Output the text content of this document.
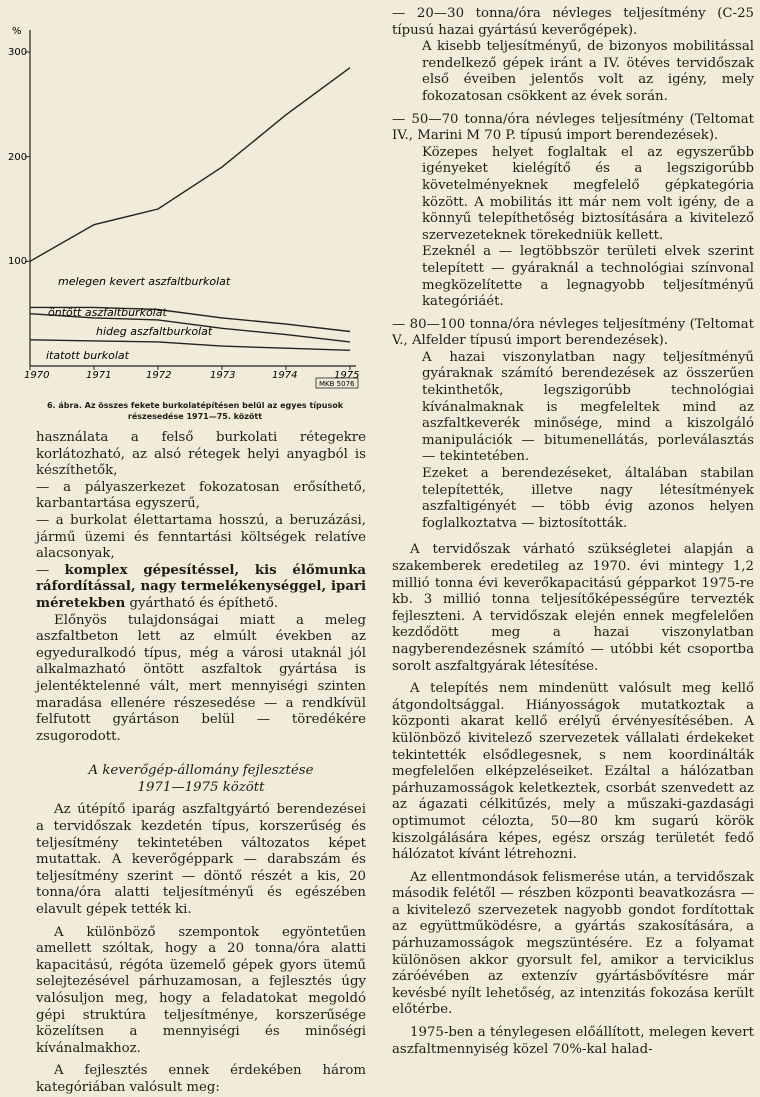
%
300
200
100
1970	1971	1972	1973	1974	1975
MKB 5076
melegen kevert aszfaltburkolat
öntött aszfaltburkolat
hideg aszfaltburkolat
itatott burkolat

6. ábra. Az összes fekete burkolatépítésen belül az egyes típusok

részesedése 1971—75. között

használata a felső burkolati rétegekre korlátozható, az alsó rétegek helyi anyagból is készíthetők,

— a pályaszerkezet fokozatosan erősíthető, karbantartása egyszerű,

— a burkolat élettartama hosszú, a beruzázási, jármű üzemi és fenntartási költségek relatíve alacsonyak,

— komplex gépesítéssel, kis élőmunka ráfordítással, nagy termelékenységgel, ipari méretekben gyártható és építhető.

Előnyös tulajdonságai miatt a meleg aszfaltbeton lett az elmúlt években az egyeduralkodó típus, még a városi utaknál jól alkalmazható öntött aszfaltok gyártása is jelentéktelenné vált, mert mennyiségi szinten maradása ellenére részesedése — a rendkívül felfutott gyártáson belül — töredékére zsugorodott.

A keverőgép-állomány fejlesztése

1971—1975 között

Az útépítő iparág aszfaltgyártó berendezései a tervidőszak kezdetén típus, korszerűség és teljesítmény tekintetében változatos képet mutattak. A keverőgéppark — darabszám és teljesítmény szerint — döntő részét a kis, 20 tonna/óra alatti teljesítményű és egészében elavult gépek tették ki.

A különböző szempontok egyöntetűen amellett szóltak, hogy a 20 tonna/óra alatti kapacitású, régóta üzemelő gépek gyors ütemű selejtezésével párhuzamosan, a fejlesztés úgy valósuljon meg, hogy a feladatokat megoldó gépi struktúra teljesítménye, korszerűsége közelítsen a mennyiségi és minőségi kívánalmakhoz.

A fejlesztés ennek érdekében három kategóriában valósult meg:

— 20—30 tonna/óra névleges teljesítmény (C-25 típusú hazai gyártású keverőgépek).

A kisebb teljesítményű, de bizonyos mobilitással rendelkező gépek iránt a IV. ötéves tervidőszak első éveiben jelentős volt az igény, mely fokozatosan csökkent az évek során.

— 50—70 tonna/óra névleges teljesítmény (Teltomat IV., Marini M 70 P. típusú import berendezések).

Közepes helyet foglaltak el az egyszerűbb igényeket kielégítő és a legszigorúbb követelményeknek megfelelő gépkategória között. A mobilitás itt már nem volt igény, de a könnyű telepíthetőség biztosítására a kivitelező szervezeteknek törekedniük kellett.

Ezeknél a — legtöbbször területi elvek szerint telepített — gyáraknál a technológiai színvonal megközelítette a legnagyobb teljesítményű kategóriáét.

— 80—100 tonna/óra névleges teljesítmény (Teltomat V., Alfelder típusú import berendezések).

A hazai viszonylatban nagy teljesítményű gyáraknak számító berendezések az összerűen tekinthetők, legszigorúbb technológiai kívánalmaknak is megfeleltek mind az aszfaltkeverék minősége, mind a kiszolgáló manipulációk — bitumenellátás, porleválasztás — tekintetében.

Ezeket a berendezéseket, általában stabilan telepítették, illetve nagy létesítmények aszfaltigényét — több évig azonos helyen foglalkoztatva — biztosították.

A tervidőszak várható szükségletei alapján a szakemberek eredetileg az 1970. évi mintegy 1,2 millió tonna évi keverőkapacitású gépparkot 1975-re kb. 3 millió tonna teljesítőképességűre tervezték fejleszteni. A tervidőszak elején ennek megfelelően kezdődött meg a hazai viszonylatban nagyberendezésnek számító — utóbbi két csoportba sorolt aszfaltgyárak létesítése.

A telepítés nem mindenütt valósult meg kellő átgondoltsággal. Hiányosságok mutatkoztak a központi akarat kellő erélyű érvényesítésében. A különböző kivitelező szervezetek vállalati érdekeket tekintették elsődlegesnek, s nem koordinálták megfelelően elképzeléseiket. Ezáltal a hálózatban párhuzamosságok keletkeztek, csorbát szenvedett az az ágazati célkitűzés, mely a műszaki-gazdasági optimumot célozta, 50—80 km sugarú körök kiszolgálására képes, egész ország területét fedő hálózatot kívánt létrehozni.

Az ellentmondások felismerése után, a tervidőszak második felétől — részben központi beavatkozásra — a kivitelező szervezetek nagyobb gondot fordítottak az együttműködésre, a gyártás szakosítására, a párhuzamosságok megszüntésére. Ez a folyamat különösen akkor gyorsult fel, amikor a terviciklus záróévében az extenzív gyártásbővítésre már kevésbé nyílt lehetőség, az intenzitás fokozása került előtérbe.

1975-ben a ténylegesen előállított, melegen kevert aszfaltmennyiség közel 70%-kal halad-
